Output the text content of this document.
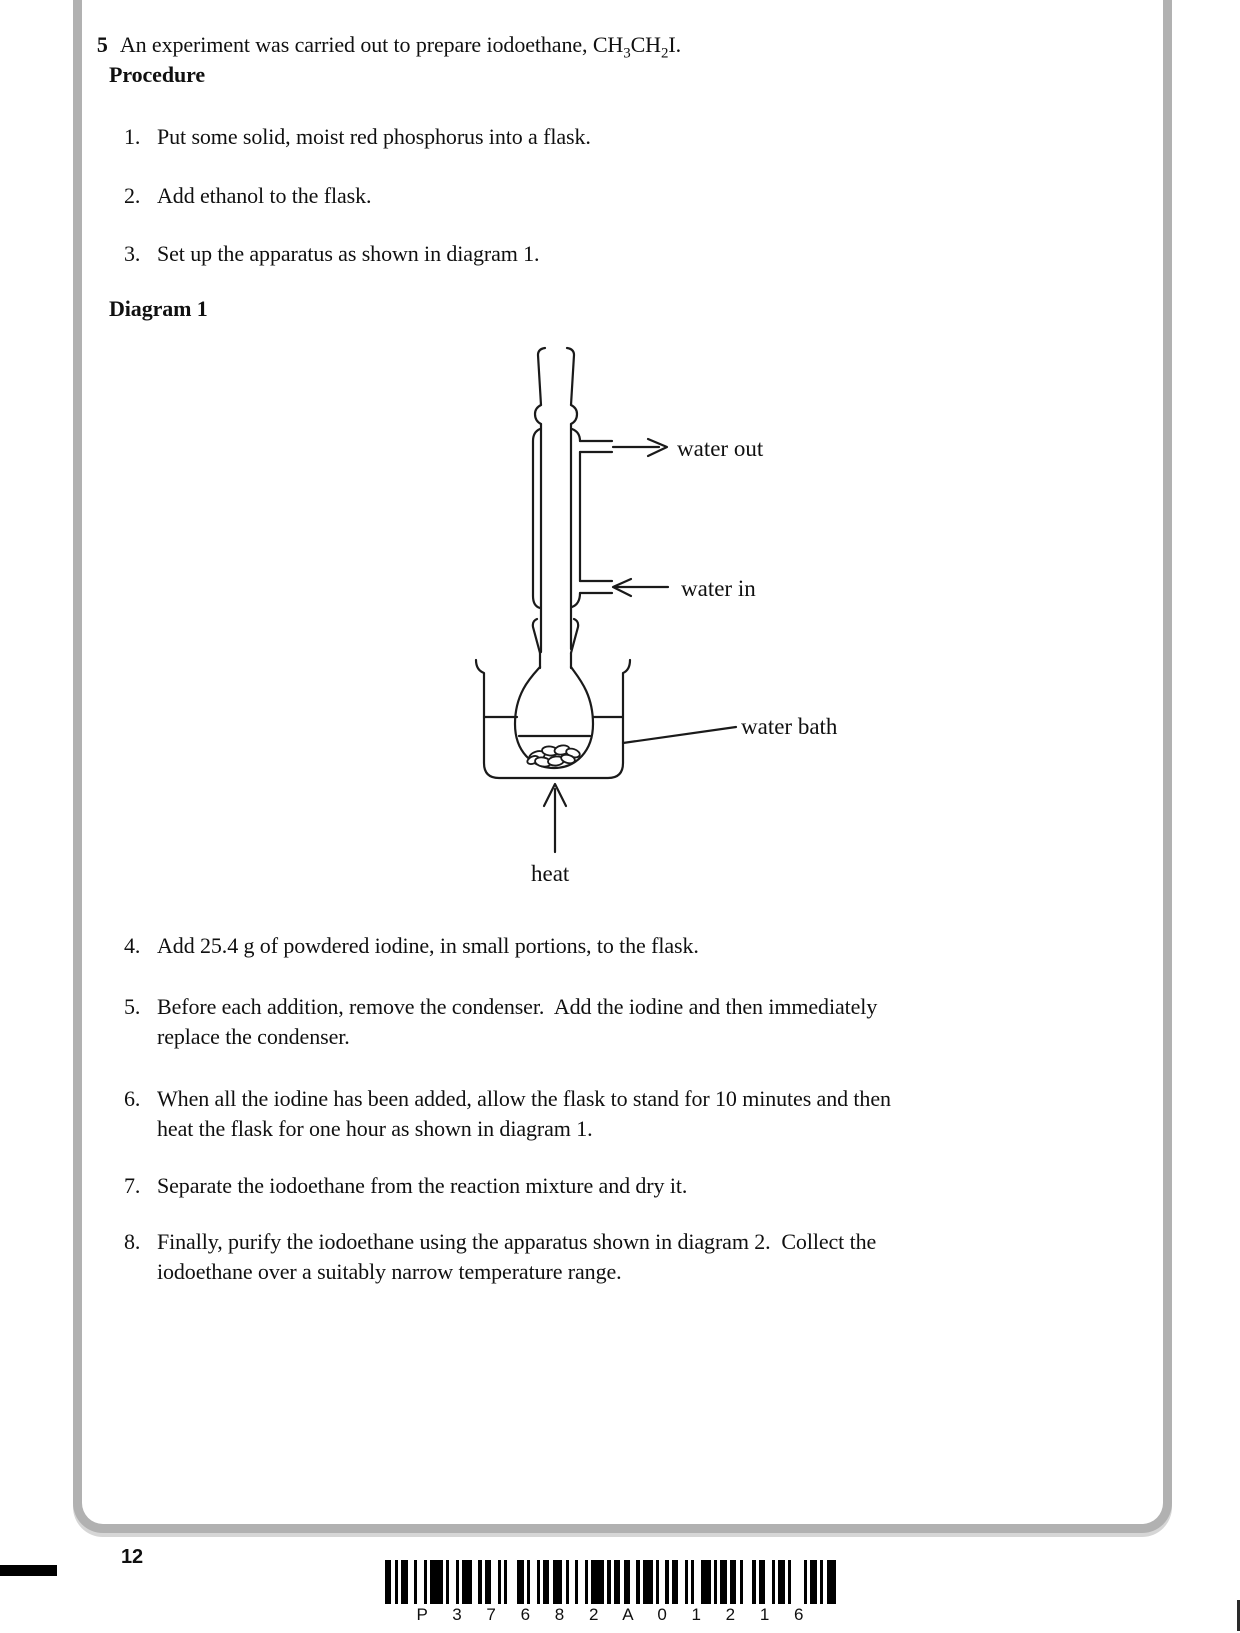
5 An experiment was carried out to prepare iodoethane, $CH_3CH_2I$.

Procedure
1. Put some solid, moist red phosphorus into a flask.
2. Add ethanol to the flask.
3. Set up the apparatus as shown in diagram 1.
Diagram 1
water out
water in
water bath
heat
4. Add 25.4 g of powdered iodine, in small portions, to the flask.
5. Before each addition, remove the condenser.  Add the iodine and then immediately
replace the condenser.
6. When all the iodine has been added, allow the flask to stand for 10 minutes and then
heat the flask for one hour as shown in diagram 1.
7. Separate the iodoethane from the reaction mixture and dry it.
8. Finally, purify the iodoethane using the apparatus shown in diagram 2.  Collect the
iodoethane over a suitably narrow temperature range.
12
P 3 7 6 8 2 A 0 1 2 1 6
